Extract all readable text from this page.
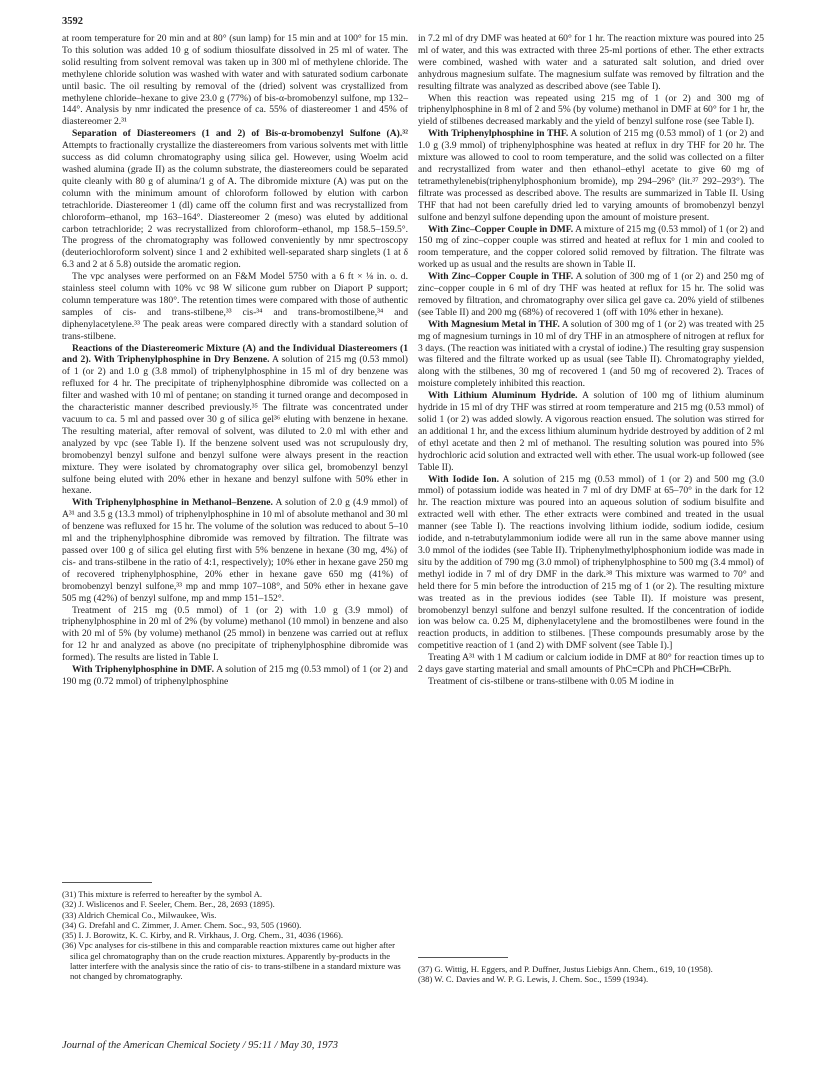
3592

at room temperature for 20 min and at 80° (sun lamp) for 15 min and at 100° for 15 min. To this solution was added 10 g of sodium thiosulfate dissolved in 25 ml of water. The solid resulting from solvent removal was taken up in 300 ml of methylene chloride. The methylene chloride solution was washed with water and with saturated sodium carbonate until basic. The oil resulting by removal of the (dried) solvent was crystallized from methylene chloride–hexane to give 23.0 g (77%) of bis-α-bromobenzyl sulfone, mp 132–144°. Analysis by nmr indicated the presence of ca. 55% of diastereomer 1 and 45% of diastereomer 2.³¹

Separation of Diastereomers (1 and 2) of Bis-α-bromobenzyl Sulfone (A).³² Attempts to fractionally crystallize the diastereomers from various solvents met with little success as did column chromatography using silica gel. However, using Woelm acid washed alumina (grade II) as the column substrate, the diastereomers could be separated quite cleanly with 80 g of alumina/1 g of A. The dibromide mixture (A) was put on the column with the minimum amount of chloroform followed by elution with carbon tetrachloride. Diastereomer 1 (dl) came off the column first and was recrystallized from chloroform–ethanol, mp 163–164°. Diastereomer 2 (meso) was eluted by additional carbon tetrachloride; 2 was recrystallized from chloroform–ethanol, mp 158.5–159.5°. The progress of the chromatography was followed conveniently by nmr spectroscopy (deuteriochloroform solvent) since 1 and 2 exhibited well-separated sharp singlets (1 at δ 6.3 and 2 at δ 5.8) outside the aromatic region.

The vpc analyses were performed on an F&M Model 5750 with a 6 ft × ⅛ in. o. d. stainless steel column with 10% vc 98 W silicone gum rubber on Diaport P support; column temperature was 180°. The retention times were compared with those of authentic samples of cis- and trans-stilbene,³³ cis-³⁴ and trans-bromostilbene,³⁴ and diphenylacetylene.³³ The peak areas were compared directly with a standard solution of trans-stilbene.

Reactions of the Diastereomeric Mixture (A) and the Individual Diastereomers (1 and 2). With Triphenylphosphine in Dry Benzene. A solution of 215 mg (0.53 mmol) of 1 (or 2) and 1.0 g (3.8 mmol) of triphenylphosphine in 15 ml of dry benzene was refluxed for 4 hr. The precipitate of triphenylphosphine dibromide was collected on a filter and washed with 10 ml of pentane; on standing it turned orange and decomposed in the characteristic manner described previously.³⁵ The filtrate was concentrated under vacuum to ca. 5 ml and passed over 30 g of silica gel³⁶ eluting with benzene in hexane. The resulting material, after removal of solvent, was diluted to 2.0 ml with ether and analyzed by vpc (see Table I). If the benzene solvent used was not scrupulously dry, bromobenzyl benzyl sulfone and benzyl sulfone were always present in the reaction mixture. They were isolated by chromatography over silica gel, bromobenzyl benzyl sulfone being eluted with 20% ether in hexane and benzyl sulfone with 50% ether in hexane.

With Triphenylphosphine in Methanol–Benzene. A solution of 2.0 g (4.9 mmol) of A³¹ and 3.5 g (13.3 mmol) of triphenylphosphine in 10 ml of absolute methanol and 30 ml of benzene was refluxed for 15 hr. The volume of the solution was reduced to about 5–10 ml and the triphenylphosphine dibromide was removed by filtration. The filtrate was passed over 100 g of silica gel eluting first with 5% benzene in hexane (30 mg, 4%) of cis- and trans-stilbene in the ratio of 4:1, respectively); 10% ether in hexane gave 250 mg of recovered triphenylphosphine, 20% ether in hexane gave 650 mg (41%) of bromobenzyl benzyl sulfone,³³ mp and mmp 107–108°, and 50% ether in hexane gave 505 mg (42%) of benzyl sulfone, mp and mmp 151–152°.

Treatment of 215 mg (0.5 mmol) of 1 (or 2) with 1.0 g (3.9 mmol) of triphenylphosphine in 20 ml of 2% (by volume) methanol (10 mmol) in benzene and also with 20 ml of 5% (by volume) methanol (25 mmol) in benzene was carried out at reflux for 12 hr and analyzed as above (no precipitate of triphenylphosphine dibromide was formed). The results are listed in Table I.

With Triphenylphosphine in DMF. A solution of 215 mg (0.53 mmol) of 1 (or 2) and 190 mg (0.72 mmol) of triphenylphosphine

in 7.2 ml of dry DMF was heated at 60° for 1 hr. The reaction mixture was poured into 25 ml of water, and this was extracted with three 25-ml portions of ether. The ether extracts were combined, washed with water and a saturated salt solution, and dried over anhydrous magnesium sulfate. The magnesium sulfate was removed by filtration and the resulting filtrate was analyzed as described above (see Table I).

When this reaction was repeated using 215 mg of 1 (or 2) and 300 mg of triphenylphosphine in 8 ml of 2 and 5% (by volume) methanol in DMF at 60° for 1 hr, the yield of stilbenes decreased markably and the yield of benzyl sulfone rose (see Table I).

With Triphenylphosphine in THF. A solution of 215 mg (0.53 mmol) of 1 (or 2) and 1.0 g (3.9 mmol) of triphenylphosphine was heated at reflux in dry THF for 20 hr. The mixture was allowed to cool to room temperature, and the solid was collected on a filter and recrystallized from water and then ethanol–ethyl acetate to give 60 mg of tetramethylenebis(triphenylphosphonium bromide), mp 294–296° (lit.³⁷ 292–293°). The filtrate was processed as described above. The results are summarized in Table II. Using THF that had not been carefully dried led to varying amounts of bromobenzyl benzyl sulfone and benzyl sulfone depending upon the amount of moisture present.

With Zinc–Copper Couple in DMF. A mixture of 215 mg (0.53 mmol) of 1 (or 2) and 150 mg of zinc–copper couple was stirred and heated at reflux for 1 min and cooled to room temperature, and the copper colored solid removed by filtration. The filtrate was worked up as usual and the results are shown in Table II.

With Zinc–Copper Couple in THF. A solution of 300 mg of 1 (or 2) and 250 mg of zinc–copper couple in 6 ml of dry THF was heated at reflux for 15 hr. The solid was removed by filtration, and chromatography over silica gel gave ca. 20% yield of stilbenes (see Table II) and 200 mg (68%) of recovered 1 (off with 10% ether in hexane).

With Magnesium Metal in THF. A solution of 300 mg of 1 (or 2) was treated with 25 mg of magnesium turnings in 10 ml of dry THF in an atmosphere of nitrogen at reflux for 3 days. (The reaction was initiated with a crystal of iodine.) The resulting gray suspension was filtered and the filtrate worked up as usual (see Table II). Chromatography yielded, along with the stilbenes, 30 mg of recovered 1 (and 50 mg of recovered 2). Traces of moisture completely inhibited this reaction.

With Lithium Aluminum Hydride. A solution of 100 mg of lithium aluminum hydride in 15 ml of dry THF was stirred at room temperature and 215 mg (0.53 mmol) of solid 1 (or 2) was added slowly. A vigorous reaction ensued. The solution was stirred for an additional 1 hr, and the excess lithium aluminum hydride destroyed by addition of 2 ml of ethyl acetate and then 2 ml of methanol. The resulting solution was poured into 5% hydrochloric acid solution and extracted well with ether. The usual work-up followed (see Table II).

With Iodide Ion. A solution of 215 mg (0.53 mmol) of 1 (or 2) and 500 mg (3.0 mmol) of potassium iodide was heated in 7 ml of dry DMF at 65–70° in the dark for 12 hr. The reaction mixture was poured into an aqueous solution of sodium bisulfite and extracted well with ether. The ether extracts were combined and treated in the usual manner (see Table I). The reactions involving lithium iodide, sodium iodide, cesium iodide, and n-tetrabutylammonium iodide were all run in the same above manner using 3.0 mmol of the iodides (see Table II). Triphenylmethylphosphonium iodide was made in situ by the addition of 790 mg (3.0 mmol) of triphenylphosphine to 500 mg (3.4 mmol) of methyl iodide in 7 ml of dry DMF in the dark.³⁸ This mixture was warmed to 70° and held there for 5 min before the introduction of 215 mg of 1 (or 2). The resulting mixture was treated as in the previous iodides (see Table II). If moisture was present, bromobenzyl benzyl sulfone and benzyl sulfone resulted. If the concentration of iodide ion was below ca. 0.25 M, diphenylacetylene and the bromostilbenes were found in the reaction products, in addition to stilbenes. [These compounds presumably arose by the competitive reaction of 1 (and 2) with DMF solvent (see Table I).]

Treating A³¹ with 1 M cadium or calcium iodide in DMF at 80° for reaction times up to 2 days gave starting material and small amounts of PhC≡CPh and PhCH═CBrPh.

Treatment of cis-stilbene or trans-stilbene with 0.05 M iodine in

(31) This mixture is referred to hereafter by the symbol A.

(32) J. Wislicenos and F. Seeler, Chem. Ber., 28, 2693 (1895).

(33) Aldrich Chemical Co., Milwaukee, Wis.

(34) G. Drefahl and C. Zimmer, J. Amer. Chem. Soc., 93, 505 (1960).

(35) I. J. Borowitz, K. C. Kirby, and R. Virkhaus, J. Org. Chem., 31, 4036 (1966).

(36) Vpc analyses for cis-stilbene in this and comparable reaction mixtures came out higher after silica gel chromatography than on the crude reaction mixtures. Apparently by-products in the latter interfere with the analysis since the ratio of cis- to trans-stilbene in a standard mixture was not changed by chromatography.

(37) G. Wittig, H. Eggers, and P. Duffner, Justus Liebigs Ann. Chem., 619, 10 (1958).

(38) W. C. Davies and W. P. G. Lewis, J. Chem. Soc., 1599 (1934).

Journal of the American Chemical Society / 95:11 / May 30, 1973
